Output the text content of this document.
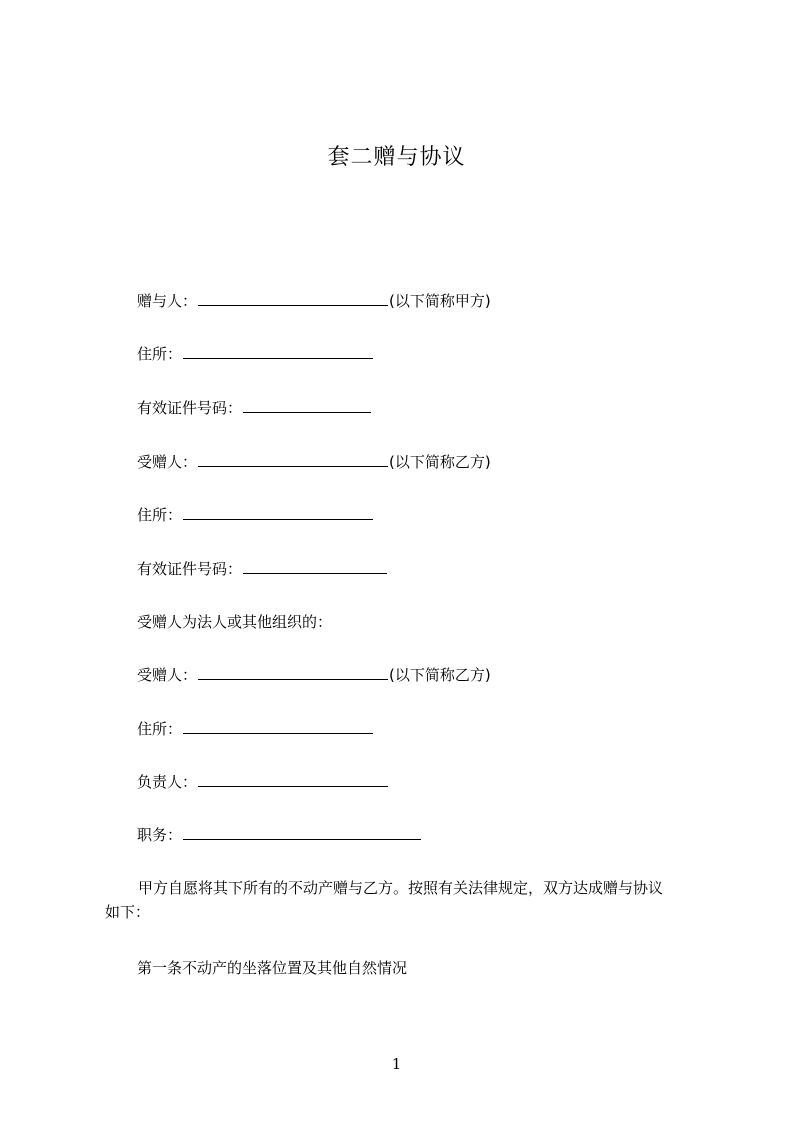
套二赠与协议
赠与人：	(以下简称甲方)
住所：
有效证件号码：
受赠人：	(以下简称乙方)
住所：
有效证件号码：
受赠人为法人或其他组织的：
受赠人：	(以下简称乙方)
住所：
负责人：
职务：
甲方自愿将其下所有的不动产赠与乙方。按照有关法律规定，双方达成赠与协议
如下：
第一条不动产的坐落位置及其他自然情况
1
